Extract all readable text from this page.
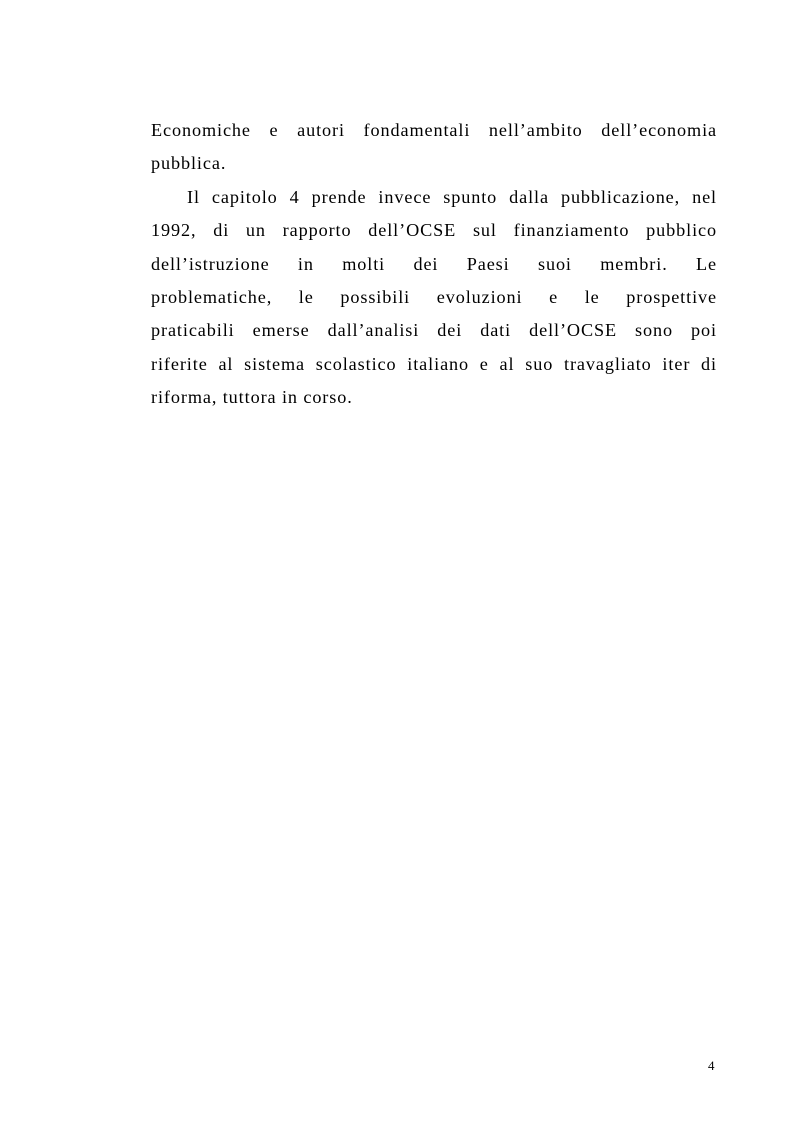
Economiche e autori fondamentali nell’ambito dell’economia
pubblica.
Il capitolo 4 prende invece spunto dalla pubblicazione, nel
1992, di un rapporto dell’OCSE sul finanziamento pubblico
dell’istruzione in molti dei Paesi suoi membri. Le
problematiche, le possibili evoluzioni e le prospettive
praticabili emerse dall’analisi dei dati dell’OCSE sono poi
riferite al sistema scolastico italiano e al suo travagliato iter di
riforma, tuttora in corso.
4
